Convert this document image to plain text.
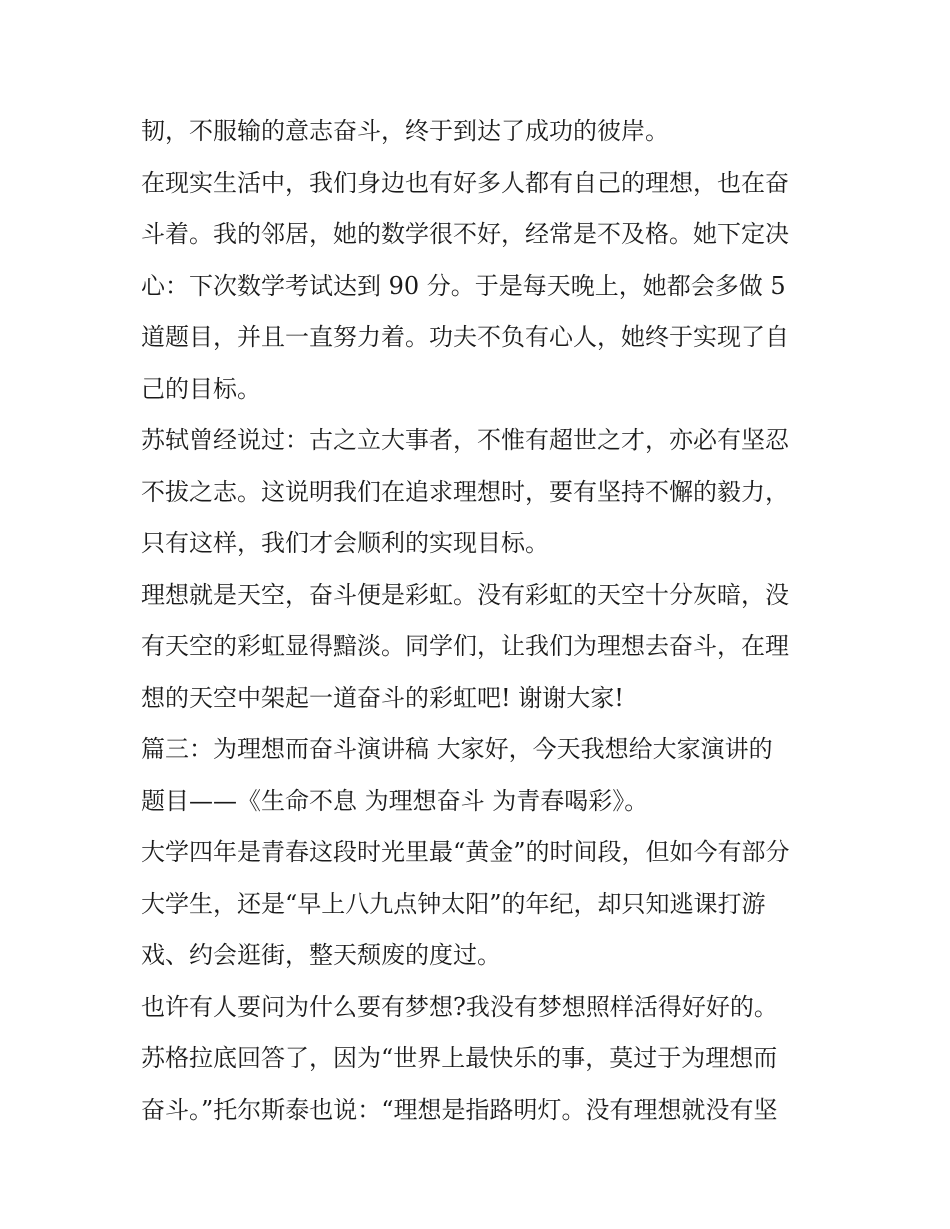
韧，不服输的意志奋斗，终于到达了成功的彼岸。
在现实生活中，我们身边也有好多人都有自己的理想，也在奋
斗着。我的邻居，她的数学很不好，经常是不及格。她下定决
心：下次数学考试达到 90 分。于是每天晚上，她都会多做 5
道题目，并且一直努力着。功夫不负有心人，她终于实现了自
己的目标。
苏轼曾经说过：古之立大事者，不惟有超世之才，亦必有坚忍
不拔之志。这说明我们在追求理想时，要有坚持不懈的毅力，
只有这样，我们才会顺利的实现目标。
理想就是天空，奋斗便是彩虹。没有彩虹的天空十分灰暗，没
有天空的彩虹显得黯淡。同学们，让我们为理想去奋斗，在理
想的天空中架起一道奋斗的彩虹吧! 谢谢大家!
篇三：为理想而奋斗演讲稿 大家好，今天我想给大家演讲的
题目——《生命不息 为理想奋斗 为青春喝彩》。
大学四年是青春这段时光里最“黄金”的时间段，但如今有部分
大学生，还是“早上八九点钟太阳”的年纪，却只知逃课打游
戏、约会逛街，整天颓废的度过。
也许有人要问为什么要有梦想?我没有梦想照样活得好好的。
苏格拉底回答了，因为“世界上最快乐的事，莫过于为理想而
奋斗。”托尔斯泰也说：“理想是指路明灯。没有理想就没有坚
